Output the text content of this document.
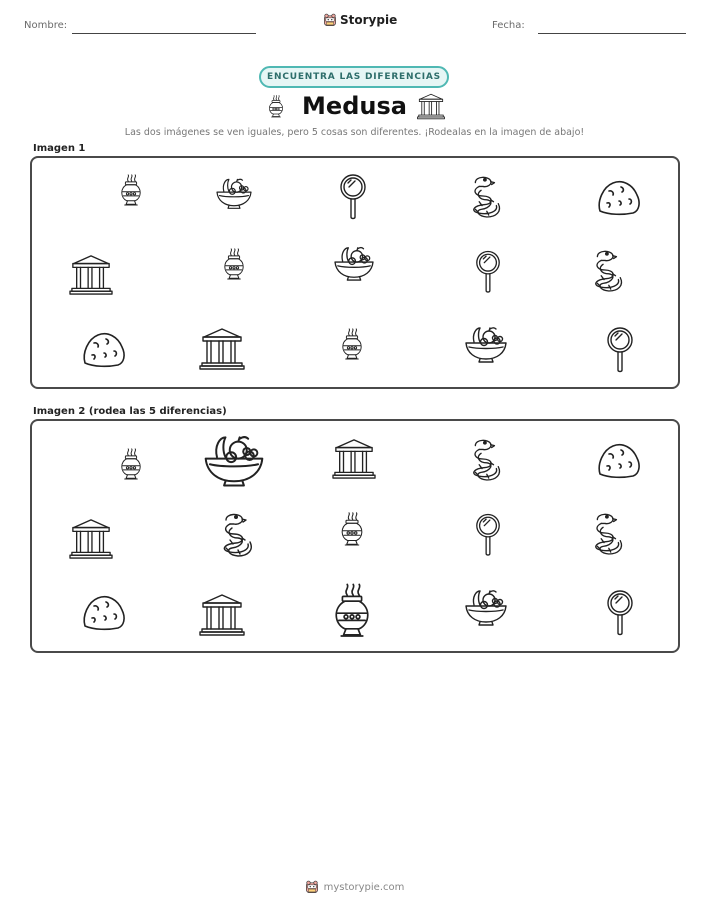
Nombre:	Storypie	Fecha:
ENCUENTRA LAS DIFERENCIAS
Medusa
Las dos imágenes se ven iguales, pero 5 cosas son diferentes. ¡Rodealas en la imagen de abajo!
Imagen 1
Imagen 2 (rodea las 5 diferencias)
mystorypie.com
